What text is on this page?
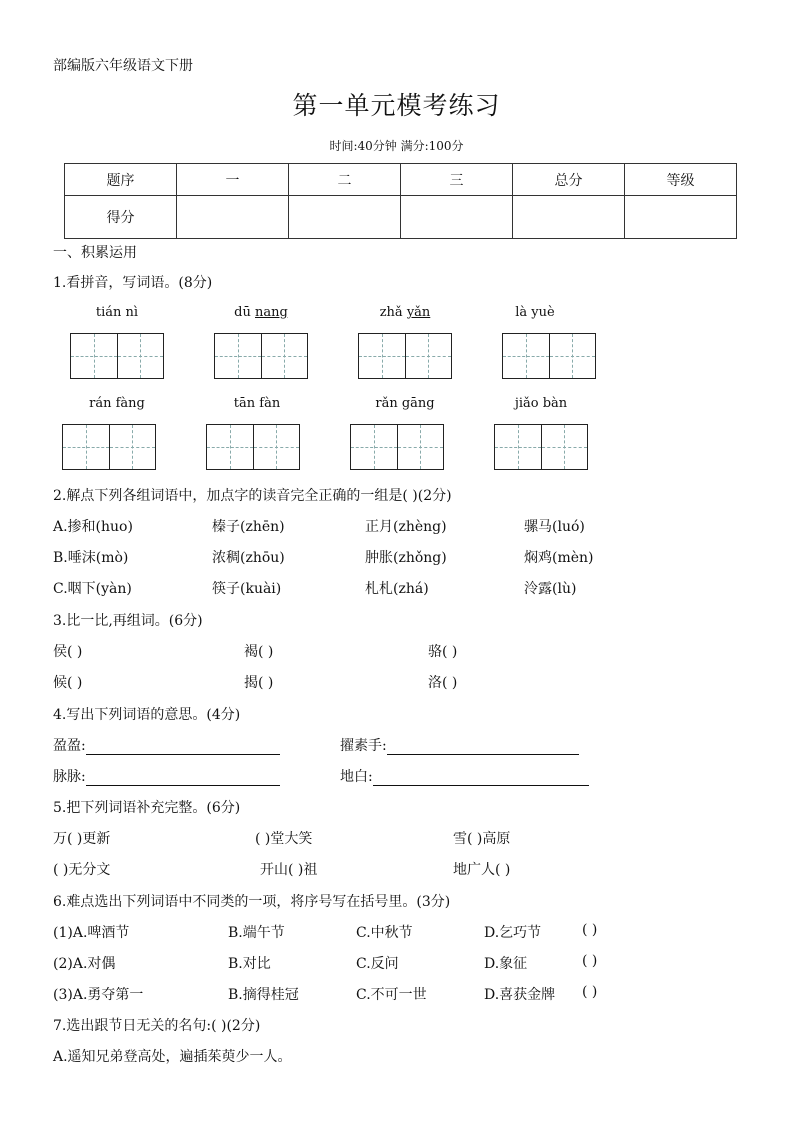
部编版六年级语文下册
第一单元模考练习
时间:40分钟 满分:100分
题序	一	二	三	总分	等级
得分					
一、积累运用
1.看拼音，写词语。(8分)
tián nì	dū nang	zhǎ yǎn	là yuè
rán fàng	tān fàn	rǎn gāng	jiǎo bàn
2.解点下列各组词语中，加点字的读音完全正确的一组是( )(2分)
A.掺和(huo)	榛子(zhēn)	正月(zhèng)	骡马(luó)
B.唾沫(mò)	浓稠(zhōu)	肿胀(zhǒng)	焖鸡(mèn)
C.咽下(yàn)	筷子(kuài)	札札(zhá)	泠露(lù)
3.比一比,再组词。(6分)
侯( )	褐( )	骆( )
候( )	揭( )	洛( )
4.写出下列词语的意思。(4分)
盈盈:	擢素手:
脉脉:	地白:
5.把下列词语补充完整。(6分)
万( )更新	( )堂大笑	雪( )高原
( )无分文	开山( )祖	地广人( )
6.难点选出下列词语中不同类的一项，将序号写在括号里。(3分)
(1)A.啤酒节	B.端午节	C.中秋节	D.乞巧节	( )
(2)A.对偶	B.对比	C.反问	D.象征	( )
(3)A.勇夺第一	B.摘得桂冠	C.不可一世	D.喜获金牌 ( )
7.选出跟节日无关的名句:( )(2分)
A.遥知兄弟登高处，遍插茱萸少一人。
